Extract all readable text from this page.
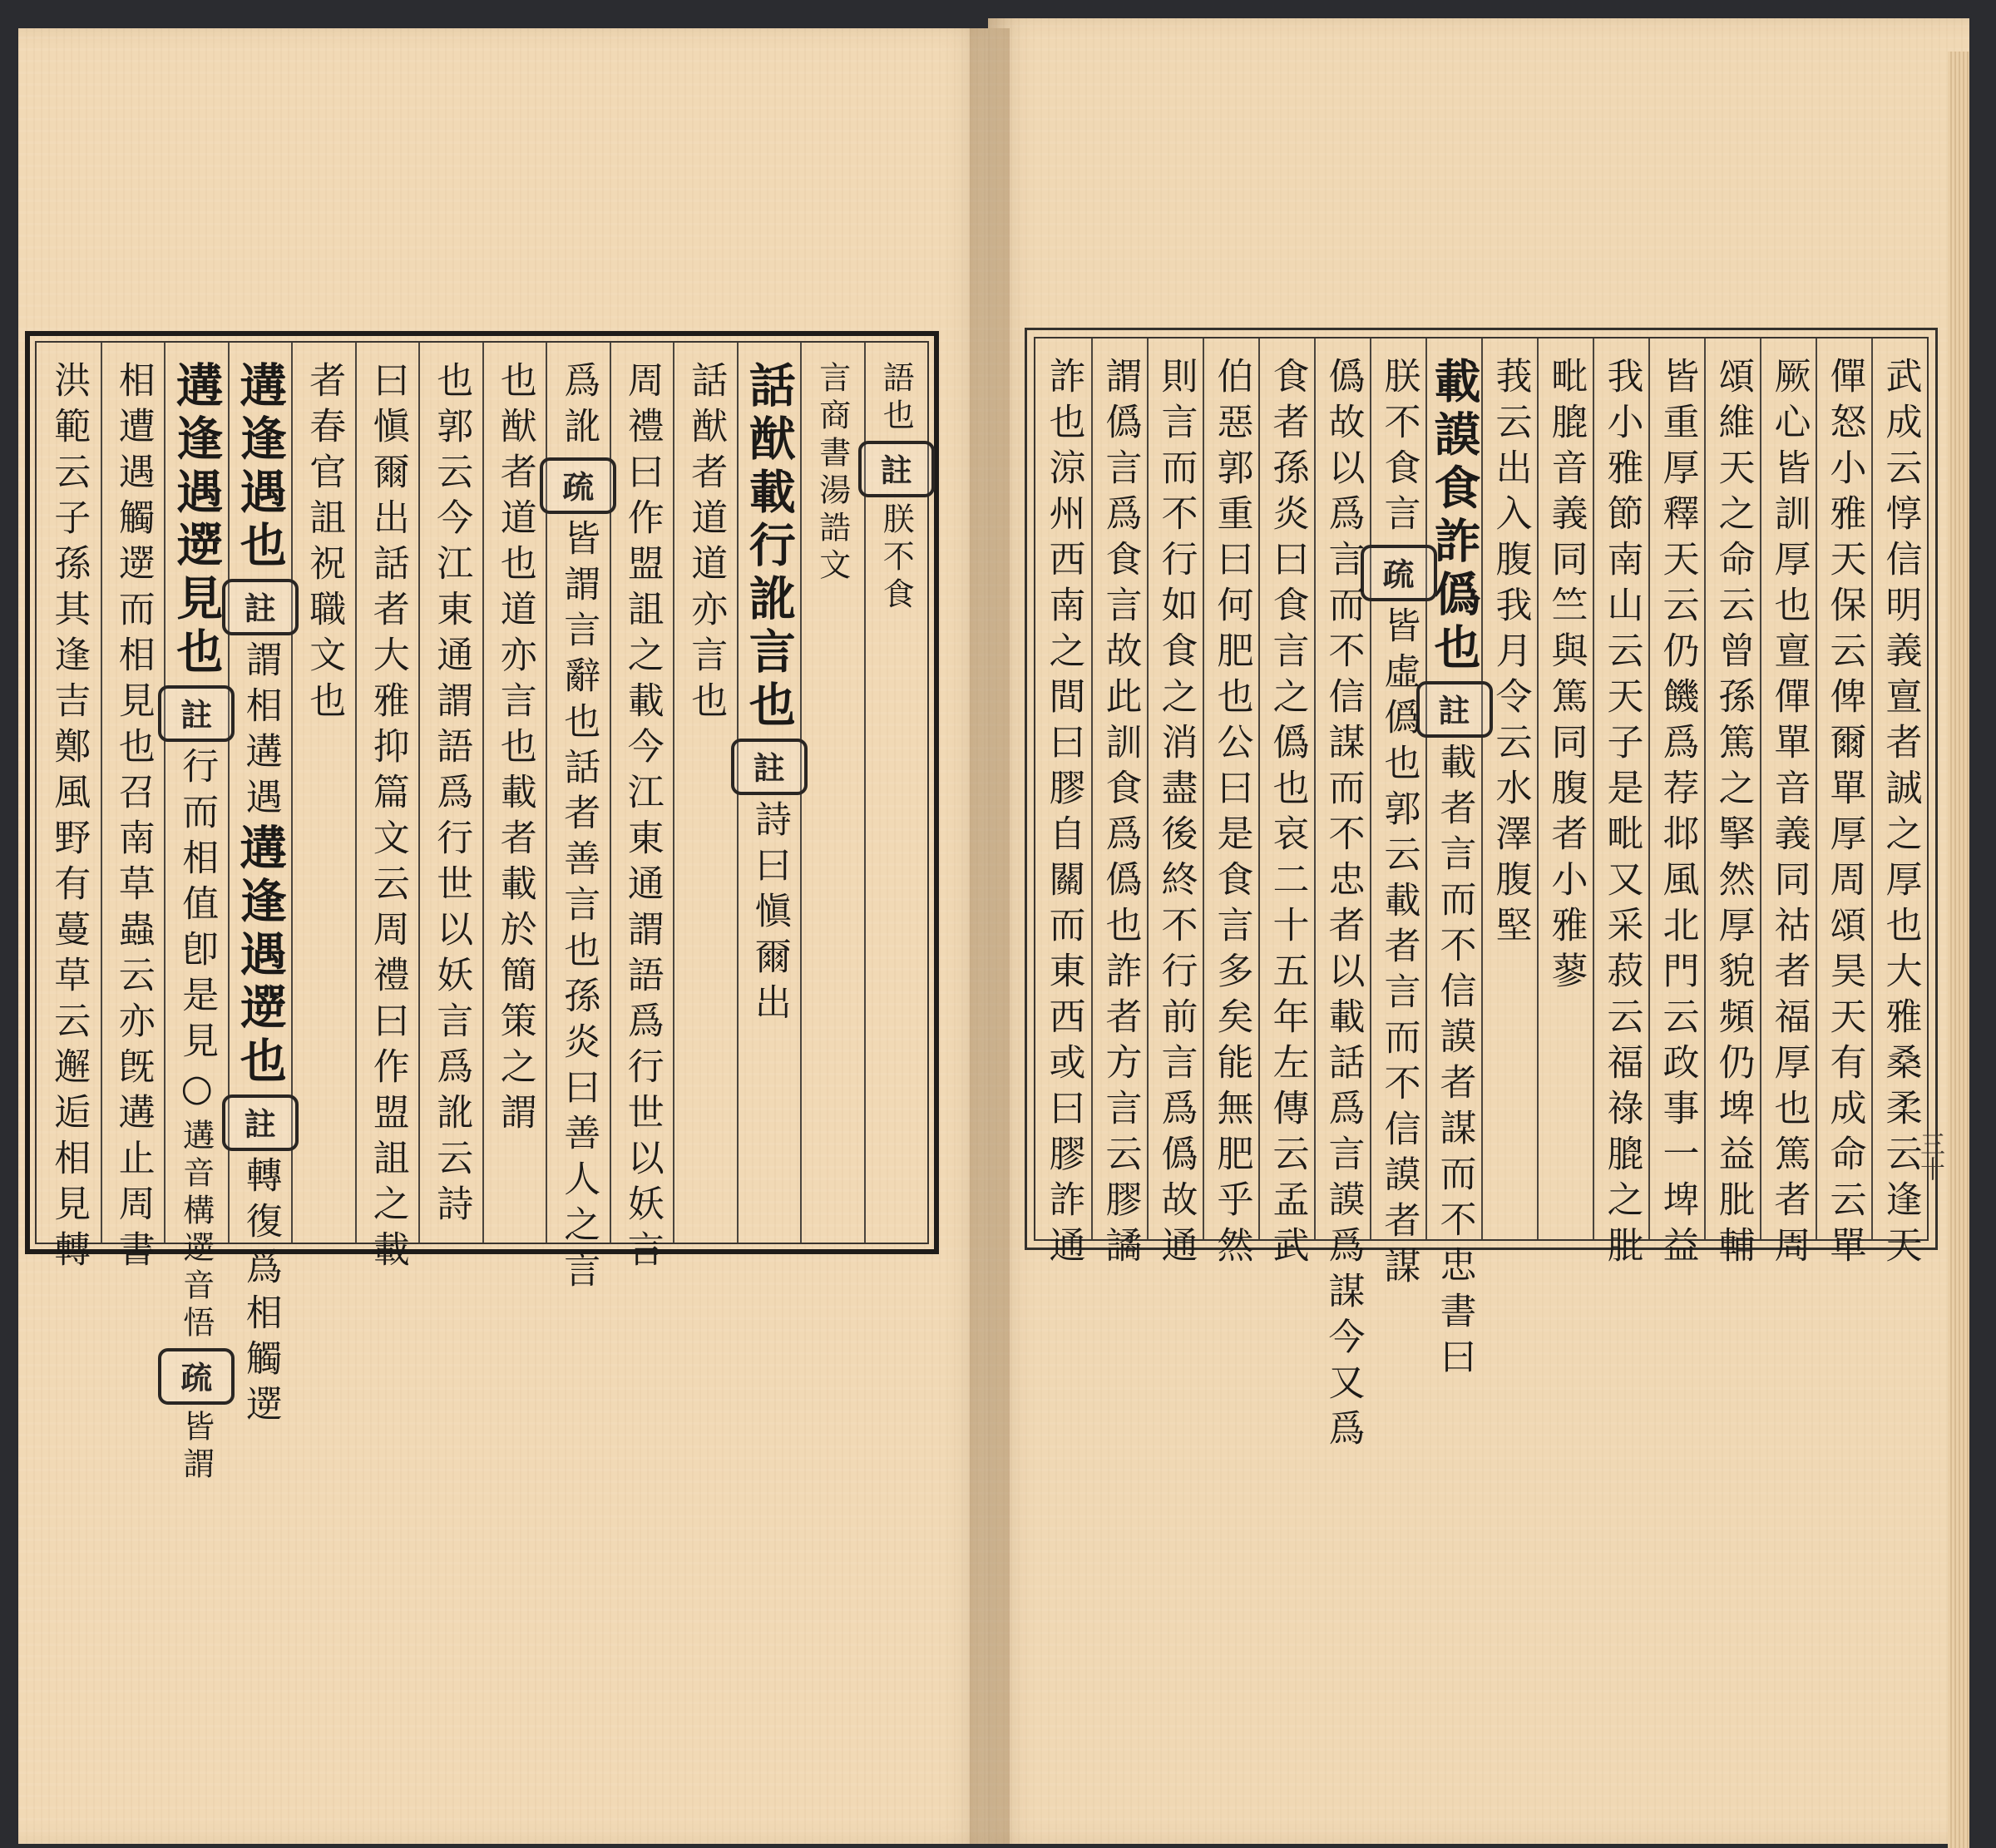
語也
註
朕不食
言商書湯誥文
話猷載行訛言也
註
詩曰愼爾出
話猷者道道亦言也
周禮曰作盟詛之載今江東通謂語爲行世以妖言
爲訛
疏
皆謂言辭也話者善言也孫炎曰善人之言
也猷者道也道亦言也載者載於簡策之謂
也郭云今江東通謂語爲行世以妖言爲訛云詩
曰愼爾出話者大雅抑篇文云周禮曰作盟詛之載
者春官詛祝職文也
遘逢遇也
註
謂相遘遇
遘逢遇遻也
註
轉復爲相觸遻
遘逢遇遻見也
註
行而相值卽是見○
遘音構遻音悟
疏
皆謂
相遭遇觸遻而相見也召南草蟲云亦旣遘止周書
洪範云子孫其逢吉鄭風野有蔓草云邂逅相見轉	武成云惇信明義亶者誠之厚也大雅桑柔云逢天
僤怒小雅天保云俾爾單厚周頌昊天有成命云單
厥心皆訓厚也亶僤單音義同祜者福厚也篤者周
頌維天之命云曾孫篤之掔然厚貌頻仍埤益肶輔
皆重厚釋天云仍饑爲荐邶風北門云政事一埤益
我小雅節南山云天子是毗又采菽云福祿膍之肶
毗膍音義同竺與篤同腹者小雅蓼
莪云出入腹我月令云水澤腹堅
載謨食詐僞也
註
載者言而不信謨者謀而不忠書曰
朕不食言
疏
皆虛僞也郭云載者言而不信謨者謀
僞故以爲言而不信謀而不忠者以載話爲言謨爲謀今又爲
食者孫炎曰食言之僞也哀二十五年左傳云孟武
伯惡郭重曰何肥也公曰是食言多矣能無肥乎然
則言而不行如食之消盡後終不行前言爲僞故通
謂僞言爲食言故此訓食爲僞也詐者方言云膠譎
詐也涼州西南之間曰膠自關而東西或曰膠詐通	三十
